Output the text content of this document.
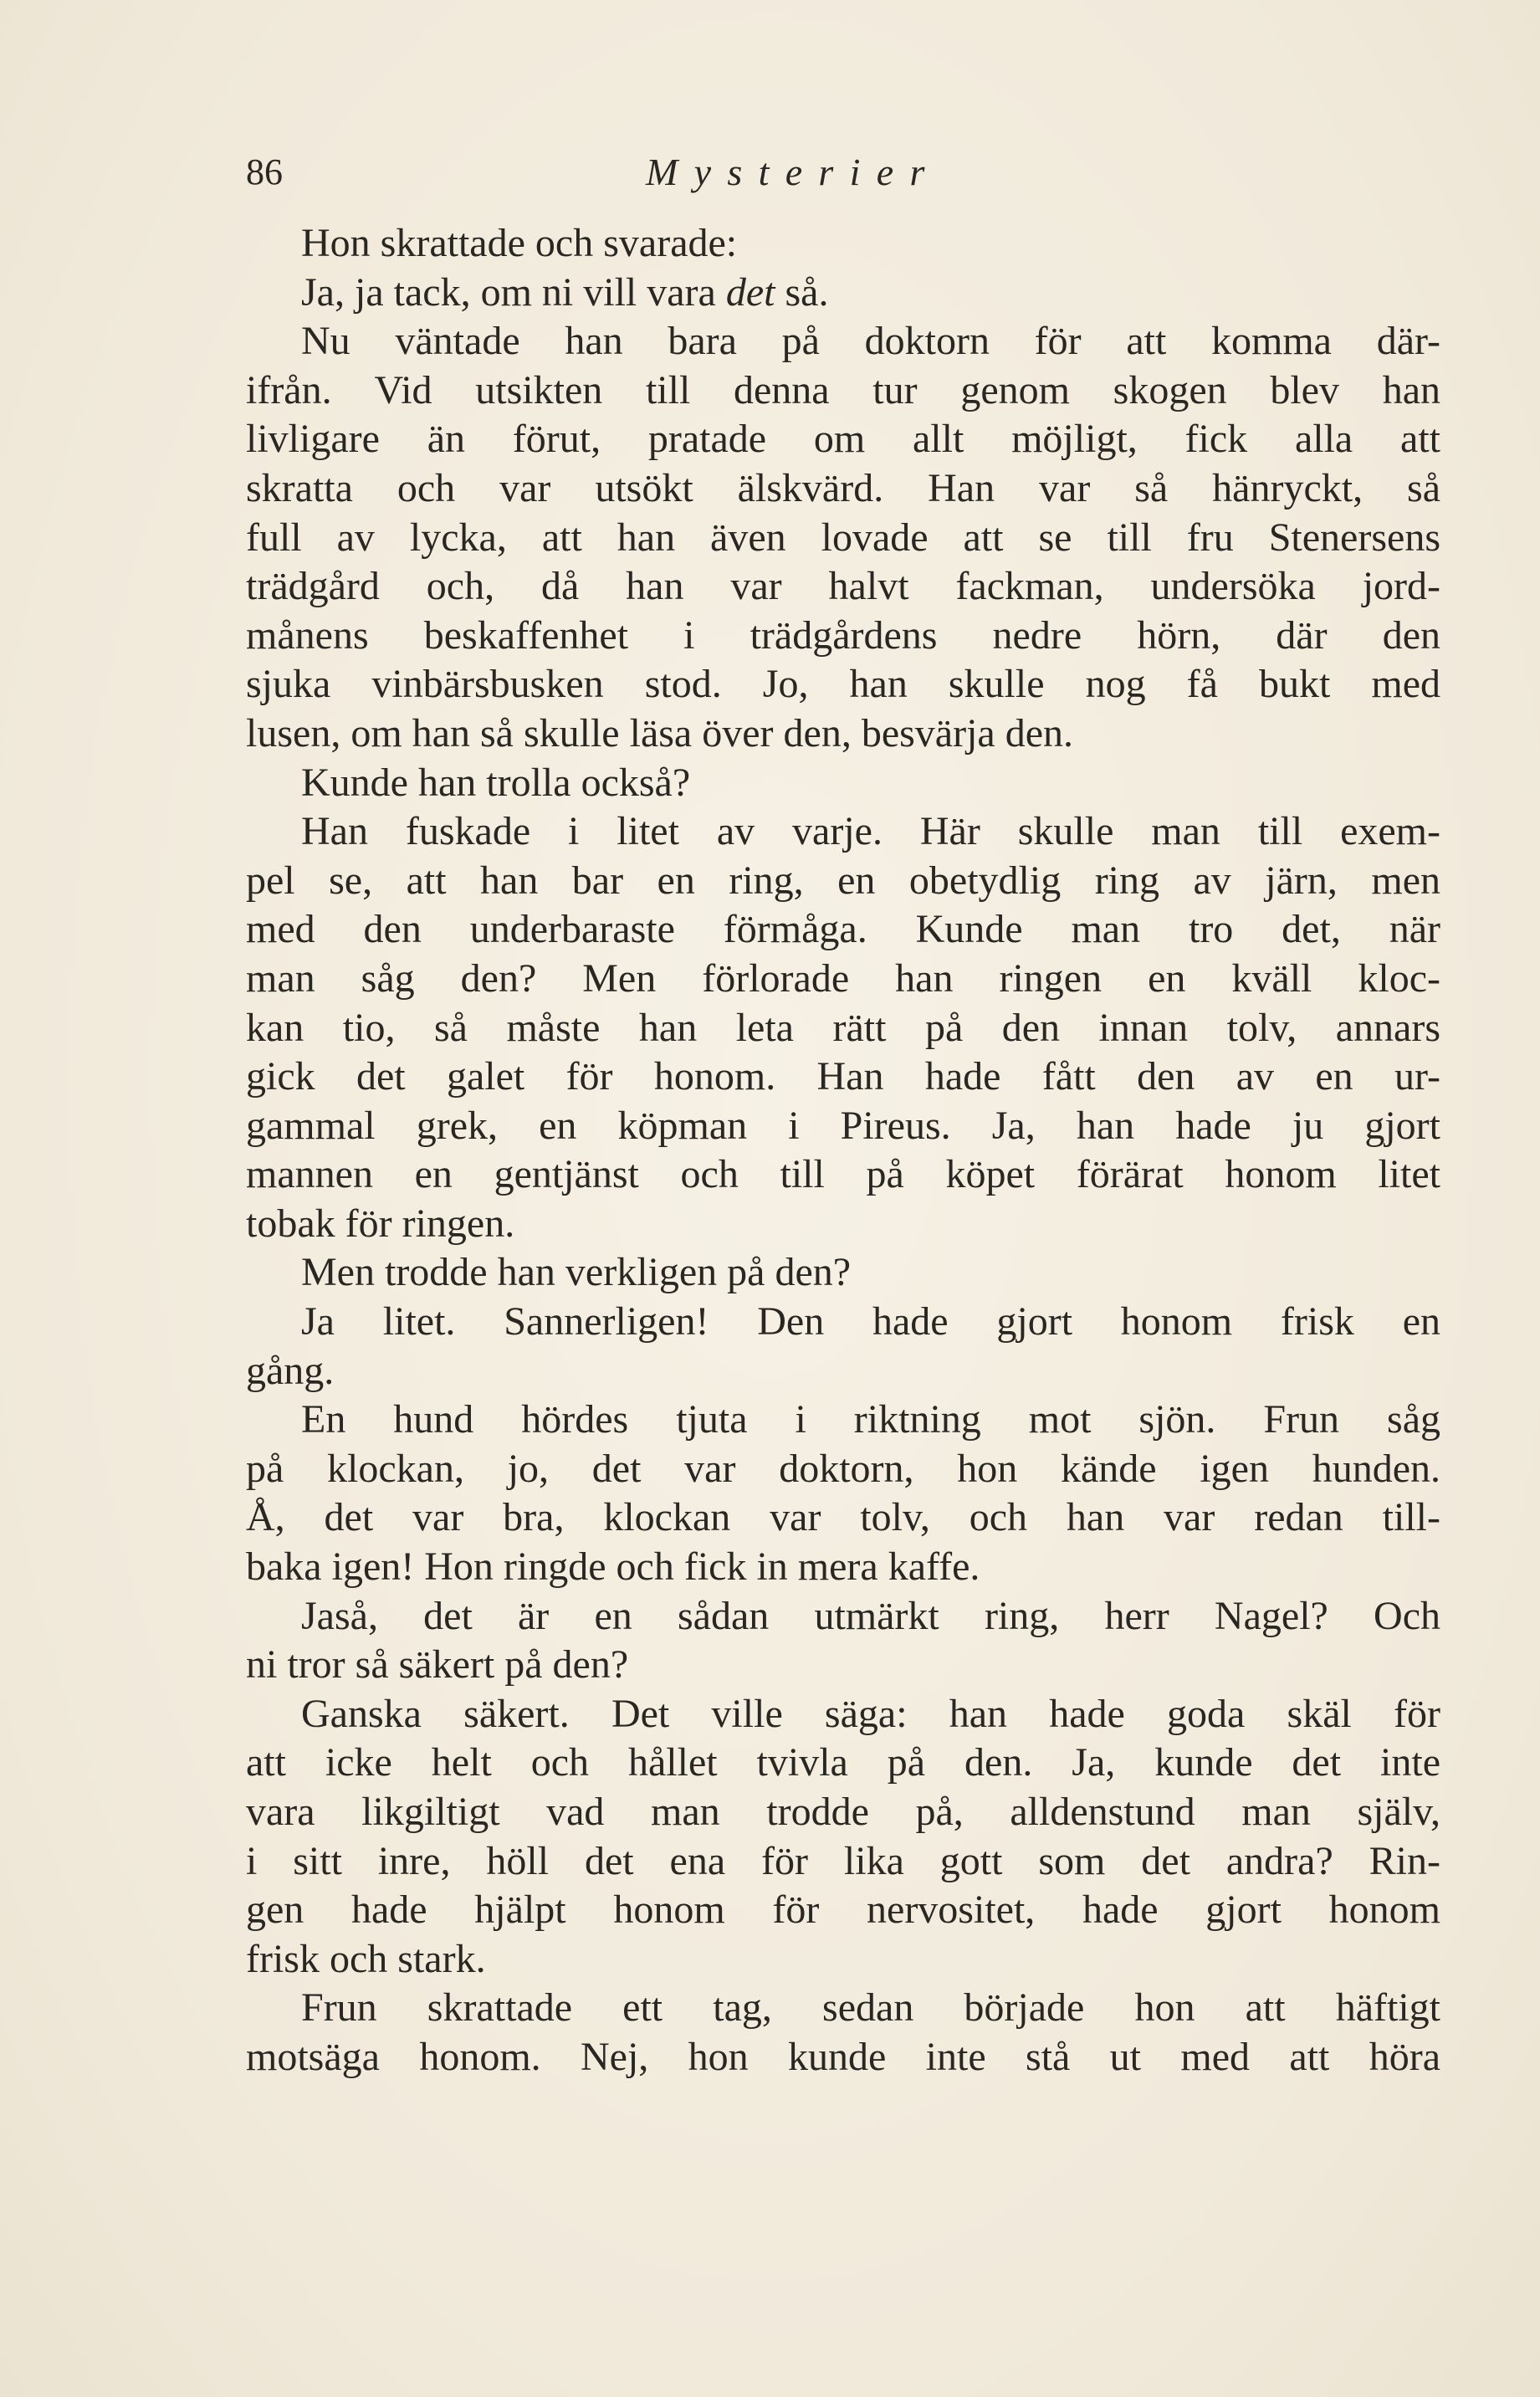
86	Mysterier
Hon skrattade och svarade:
Ja, ja tack, om ni vill vara det så.
Nu väntade han bara på doktorn för att komma där-
ifrån. Vid utsikten till denna tur genom skogen blev han
livligare än förut, pratade om allt möjligt, fick alla att
skratta och var utsökt älskvärd. Han var så hänryckt, så
full av lycka, att han även lovade att se till fru Stenersens
trädgård och, då han var halvt fackman, undersöka jord-
månens beskaffenhet i trädgårdens nedre hörn, där den
sjuka vinbärsbusken stod. Jo, han skulle nog få bukt med
lusen, om han så skulle läsa över den, besvärja den.
Kunde han trolla också?
Han fuskade i litet av varje. Här skulle man till exem-
pel se, att han bar en ring, en obetydlig ring av järn, men
med den underbaraste förmåga. Kunde man tro det, när
man såg den? Men förlorade han ringen en kväll kloc-
kan tio, så måste han leta rätt på den innan tolv, annars
gick det galet för honom. Han hade fått den av en ur-
gammal grek, en köpman i Pireus. Ja, han hade ju gjort
mannen en gentjänst och till på köpet förärat honom litet
tobak för ringen.
Men trodde han verkligen på den?
Ja litet. Sannerligen! Den hade gjort honom frisk en
gång.
En hund hördes tjuta i riktning mot sjön. Frun såg
på klockan, jo, det var doktorn, hon kände igen hunden.
Å, det var bra, klockan var tolv, och han var redan till-
baka igen! Hon ringde och fick in mera kaffe.
Jaså, det är en sådan utmärkt ring, herr Nagel? Och
ni tror så säkert på den?
Ganska säkert. Det ville säga: han hade goda skäl för
att icke helt och hållet tvivla på den. Ja, kunde det inte
vara likgiltigt vad man trodde på, alldenstund man själv,
i sitt inre, höll det ena för lika gott som det andra? Rin-
gen hade hjälpt honom för nervositet, hade gjort honom
frisk och stark.
Frun skrattade ett tag, sedan började hon att häftigt
motsäga honom. Nej, hon kunde inte stå ut med att höra
